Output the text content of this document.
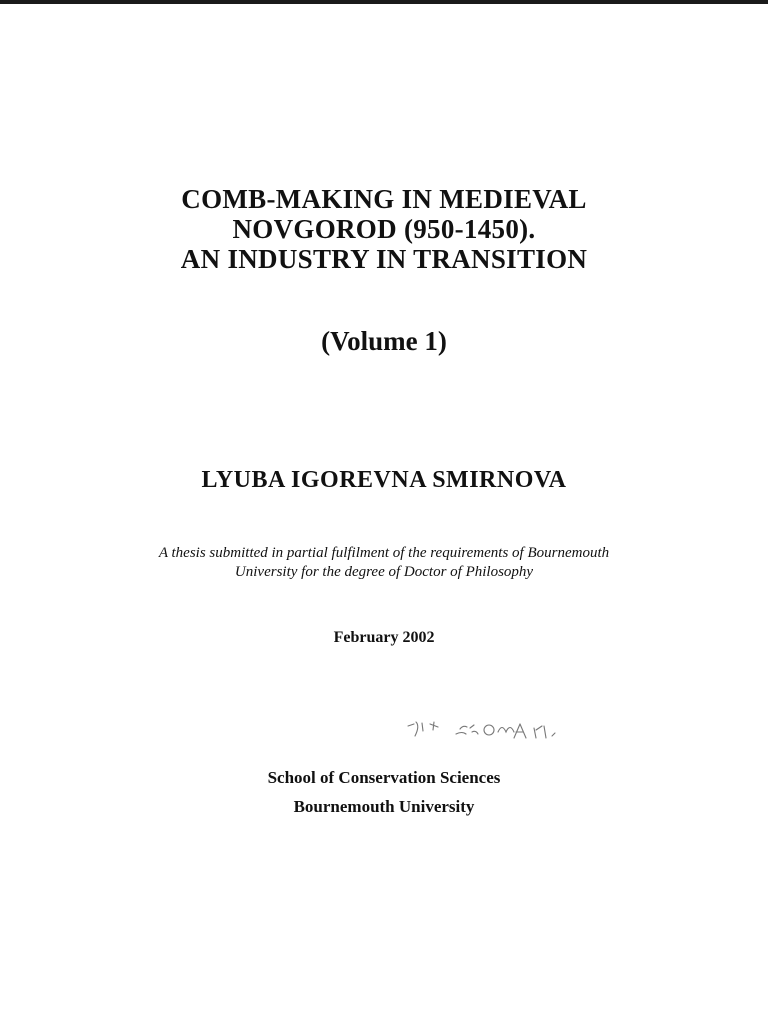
COMB-MAKING IN MEDIEVAL
NOVGOROD (950-1450).
AN INDUSTRY IN TRANSITION
(Volume 1)
LYUBA IGOREVNA SMIRNOVA
A thesis submitted in partial fulfilment of the requirements of Bournemouth
University for the degree of Doctor of Philosophy
February 2002
School of Conservation Sciences
Bournemouth University
